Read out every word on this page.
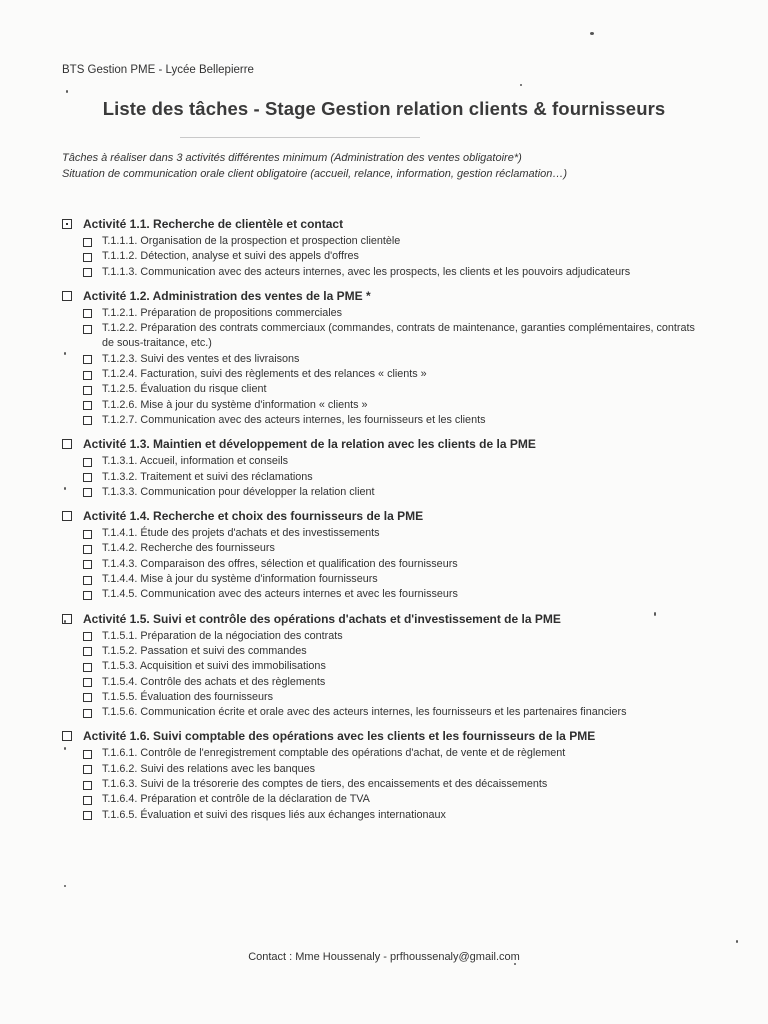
BTS Gestion PME - Lycée Bellepierre
Liste des tâches - Stage Gestion relation clients & fournisseurs
Tâches à réaliser dans 3 activités différentes minimum (Administration des ventes obligatoire*)
Situation de communication orale client obligatoire (accueil, relance, information, gestion réclamation…)
Activité 1.1. Recherche de clientèle et contact
T.1.1.1. Organisation de la prospection et prospection clientèle
T.1.1.2. Détection, analyse et suivi des appels d'offres
T.1.1.3. Communication avec des acteurs internes, avec les prospects, les clients et les pouvoirs adjudicateurs
Activité 1.2. Administration des ventes de la PME *
T.1.2.1. Préparation de propositions commerciales
T.1.2.2. Préparation des contrats commerciaux (commandes, contrats de maintenance, garanties complémentaires, contrats de sous-traitance, etc.)
T.1.2.3. Suivi des ventes et des livraisons
T.1.2.4. Facturation, suivi des règlements et des relances « clients »
T.1.2.5. Évaluation du risque client
T.1.2.6. Mise à jour du système d'information « clients »
T.1.2.7. Communication avec des acteurs internes, les fournisseurs et les clients
Activité 1.3. Maintien et développement de la relation avec les clients de la PME
T.1.3.1. Accueil, information et conseils
T.1.3.2. Traitement et suivi des réclamations
T.1.3.3. Communication pour développer la relation client
Activité 1.4. Recherche et choix des fournisseurs de la PME
T.1.4.1. Étude des projets d'achats et des investissements
T.1.4.2. Recherche des fournisseurs
T.1.4.3. Comparaison des offres, sélection et qualification des fournisseurs
T.1.4.4. Mise à jour du système d'information fournisseurs
T.1.4.5. Communication avec des acteurs internes et avec les fournisseurs
Activité 1.5. Suivi et contrôle des opérations d'achats et d'investissement de la PME
T.1.5.1. Préparation de la négociation des contrats
T.1.5.2. Passation et suivi des commandes
T.1.5.3. Acquisition et suivi des immobilisations
T.1.5.4. Contrôle des achats et des règlements
T.1.5.5. Évaluation des fournisseurs
T.1.5.6. Communication écrite et orale avec des acteurs internes, les fournisseurs et les partenaires financiers
Activité 1.6. Suivi comptable des opérations avec les clients et les fournisseurs de la PME
T.1.6.1. Contrôle de l'enregistrement comptable des opérations d'achat, de vente et de règlement
T.1.6.2. Suivi des relations avec les banques
T.1.6.3. Suivi de la trésorerie des comptes de tiers, des encaissements et des décaissements
T.1.6.4. Préparation et contrôle de la déclaration de TVA
T.1.6.5. Évaluation et suivi des risques liés aux échanges internationaux
Contact : Mme Houssenaly - prfhoussenaly@gmail.com
